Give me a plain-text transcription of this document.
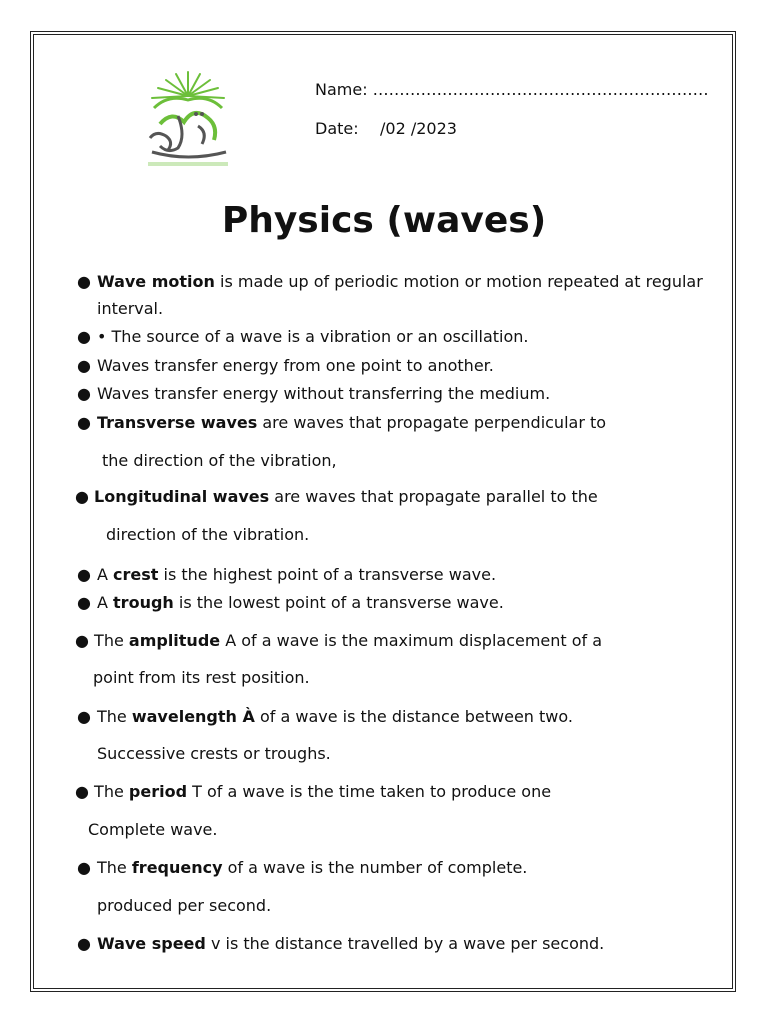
Name: ………………………………………………………
Date: /02 /2023
Physics (waves)
● Wave motion is made up of periodic motion or motion repeated at regular
interval.
● • The source of a wave is a vibration or an oscillation.
● Waves transfer energy from one point to another.
● Waves transfer energy without transferring the medium.
● Transverse waves are waves that propagate perpendicular to
the direction of the vibration,
● Longitudinal waves are waves that propagate parallel to the
direction of the vibration.
● A crest is the highest point of a transverse wave.
● A trough is the lowest point of a transverse wave.
● The amplitude A of a wave is the maximum displacement of a
point from its rest position.
● The wavelength À of a wave is the distance between two.
Successive crests or troughs.
● The period T of a wave is the time taken to produce one
Complete wave.
● The frequency of a wave is the number of complete.
produced per second.
● Wave speed v is the distance travelled by a wave per second.
